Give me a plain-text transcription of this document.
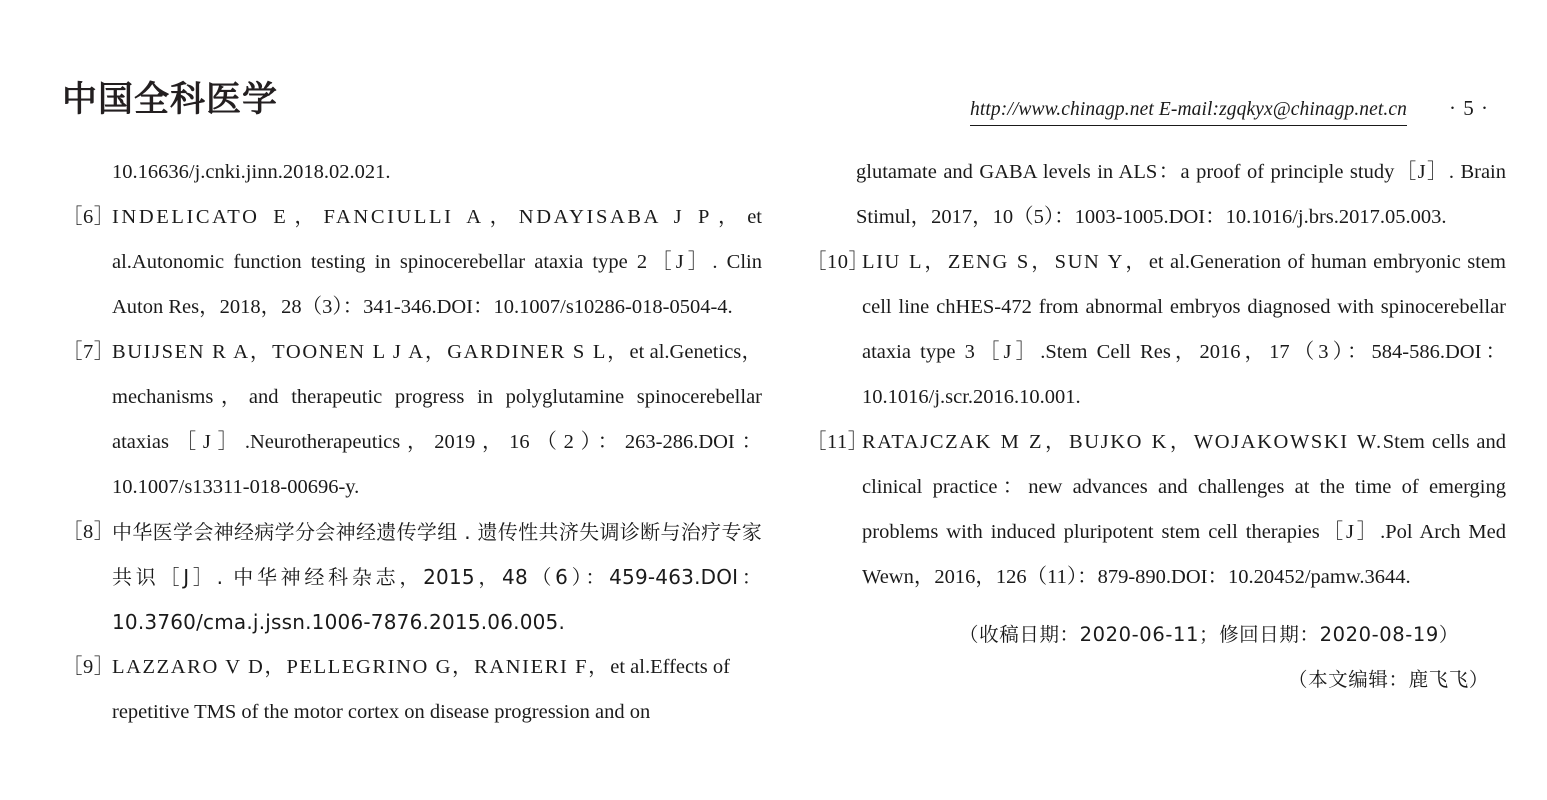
中国全科医学	http://www.chinagp.net E-mail:zgqkyx@chinagp.net.cn · 5 ·

10.16636/j.cnki.jinn.2018.02.021.

［6］
INDELICATO E，FANCIULLI A，NDAYISABA J P，et al.Autonomic function testing in spinocerebellar ataxia type 2［J］. Clin Auton Res，2018，28（3）：341-346.DOI：10.1007/s10286-018-0504-4.

［7］
BUIJSEN R A，TOONEN L J A，GARDINER S L，et al.Genetics，mechanisms，and therapeutic progress in polyglutamine spinocerebellar ataxias［J］.Neurotherapeutics，2019，16（2）：263-286.DOI：10.1007/s13311-018-00696-y.

［8］
中华医学会神经病学分会神经遗传学组 . 遗传性共济失调诊断与治疗专家共识［J］. 中华神经科杂志，2015，48（6）：459-463.DOI：10.3760/cma.j.jssn.1006-7876.2015.06.005.

［9］
LAZZARO V D，PELLEGRINO G，RANIERI F，et al.Effects of repetitive TMS of the motor cortex on disease progression and on

glutamate and GABA levels in ALS：a proof of principle study［J］. Brain Stimul，2017，10（5）：1003-1005.DOI：10.1016/j.brs.2017.05.003.

［10］
LIU L，ZENG S，SUN Y，et al.Generation of human embryonic stem cell line chHES-472 from abnormal embryos diagnosed with spinocerebellar ataxia type 3［J］.Stem Cell Res，2016，17（3）：584-586.DOI：10.1016/j.scr.2016.10.001.

［11］
RATAJCZAK M Z，BUJKO K，WOJAKOWSKI W.Stem cells and clinical practice：new advances and challenges at the time of emerging problems with induced pluripotent stem cell therapies［J］.Pol Arch Med Wewn，2016，126（11）：879-890.DOI：10.20452/pamw.3644.

（收稿日期：2020-06-11；修回日期：2020-08-19）
（本文编辑：鹿飞飞）
